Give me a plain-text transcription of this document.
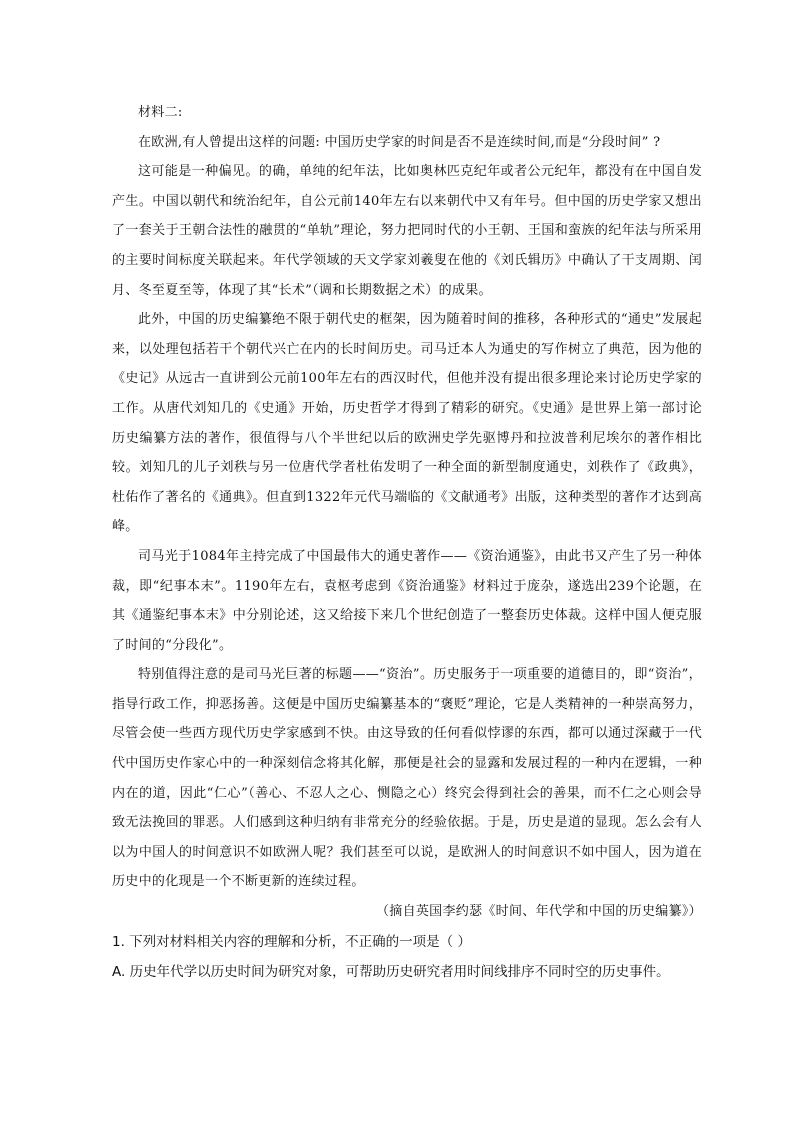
材料二:

在欧洲,有人曾提出这样的问题: 中国历史学家的时间是否不是连续时间,而是“分段时间” ?

这可能是一种偏见。的确，单纯的纪年法，比如奥林匹克纪年或者公元纪年，都没有在中国自发产生。中国以朝代和统治纪年，自公元前140年左右以来朝代中又有年号。但中国的历史学家又想出了一套关于王朝合法性的融贯的“单轨”理论，努力把同时代的小王朝、王国和蛮族的纪年法与所采用的主要时间标度关联起来。年代学领域的天文学家刘羲叟在他的《刘氏辑历》中确认了干支周期、闰月、冬至夏至等，体现了其“长术”（调和长期数据之术）的成果。

此外，中国的历史编纂绝不限于朝代史的框架，因为随着时间的推移，各种形式的“通史”发展起来，以处理包括若干个朝代兴亡在内的长时间历史。司马迁本人为通史的写作树立了典范，因为他的《史记》从远古一直讲到公元前100年左右的西汉时代，但他并没有提出很多理论来讨论历史学家的工作。从唐代刘知几的《史通》开始，历史哲学才得到了精彩的研究。《史通》是世界上第一部讨论历史编纂方法的著作，很值得与八个半世纪以后的欧洲史学先驱博丹和拉波普利尼埃尔的著作相比较。刘知几的儿子刘秩与另一位唐代学者杜佑发明了一种全面的新型制度通史，刘秩作了《政典》，杜佑作了著名的《通典》。但直到1322年元代马端临的《文献通考》出版，这种类型的著作才达到高峰。

司马光于1084年主持完成了中国最伟大的通史著作——《资治通鉴》，由此书又产生了另一种体裁，即“纪事本末”。1190年左右，袁枢考虑到《资治通鉴》材料过于庞杂，遂选出239个论题，在其《通鉴纪事本末》中分别论述，这又给接下来几个世纪创造了一整套历史体裁。这样中国人便克服了时间的“分段化”。

特别值得注意的是司马光巨著的标题——“资治”。历史服务于一项重要的道德目的，即“资治”，指导行政工作，抑恶扬善。这便是中国历史编纂基本的“褒贬”理论，它是人类精神的一种崇高努力，尽管会使一些西方现代历史学家感到不快。由这导致的任何看似悖谬的东西，都可以通过深藏于一代代中国历史作家心中的一种深刻信念将其化解，那便是社会的显露和发展过程的一种内在逻辑，一种内在的道，因此“仁心”（善心、不忍人之心、恻隐之心）终究会得到社会的善果，而不仁之心则会导致无法挽回的罪恶。人们感到这种归纳有非常充分的经验依据。于是，历史是道的显现。怎么会有人以为中国人的时间意识不如欧洲人呢？我们甚至可以说，是欧洲人的时间意识不如中国人，因为道在历史中的化现是一个不断更新的连续过程。

（摘自英国李约瑟《时间、年代学和中国的历史编纂》）

1. 下列对材料相关内容的理解和分析，不正确的一项是（ ）

A. 历史年代学以历史时间为研究对象，可帮助历史研究者用时间线排序不同时空的历史事件。
